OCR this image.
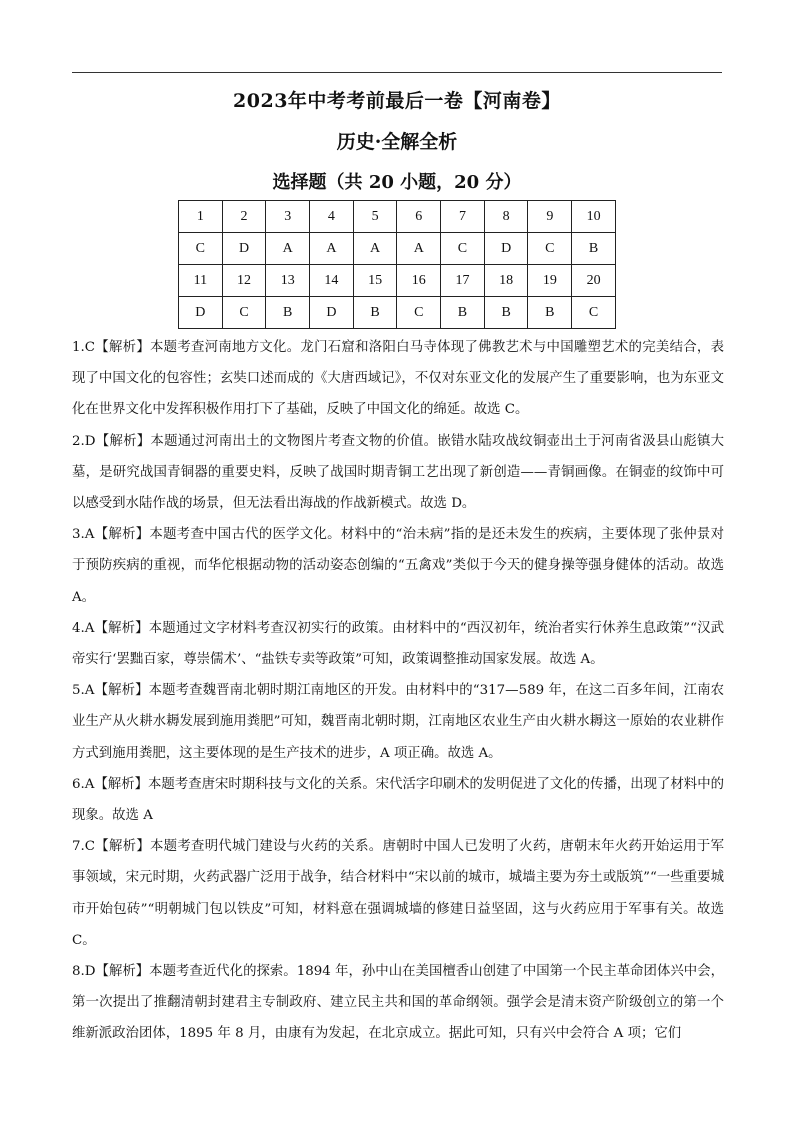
2023年中考考前最后一卷【河南卷】
历史·全解全析
选择题（共 20 小题，20 分）
1	2	3	4	5	6	7	8	9	10
C	D	A	A	A	A	C	D	C	B
11	12	13	14	15	16	17	18	19	20
D	C	B	D	B	C	B	B	B	C

1.C【解析】本题考查河南地方文化。龙门石窟和洛阳白马寺体现了佛教艺术与中国雕塑艺术的完美结合，表现了中国文化的包容性；玄奘口述而成的《大唐西域记》，不仅对东亚文化的发展产生了重要影响，也为东亚文化在世界文化中发挥积极作用打下了基础，反映了中国文化的绵延。故选 C。

2.D【解析】本题通过河南出土的文物图片考查文物的价值。嵌错水陆攻战纹铜壶出土于河南省汲县山彪镇大墓，是研究战国青铜器的重要史料，反映了战国时期青铜工艺出现了新创造——青铜画像。在铜壶的纹饰中可以感受到水陆作战的场景，但无法看出海战的作战新模式。故选 D。

3.A【解析】本题考查中国古代的医学文化。材料中的“治未病”指的是还未发生的疾病，主要体现了张仲景对于预防疾病的重视，而华佗根据动物的活动姿态创编的“五禽戏”类似于今天的健身操等强身健体的活动。故选 A。

4.A【解析】本题通过文字材料考查汉初实行的政策。由材料中的“西汉初年，统治者实行休养生息政策”“汉武帝实行‘罢黜百家，尊崇儒术’、“盐铁专卖等政策”可知，政策调整推动国家发展。故选 A。

5.A【解析】本题考查魏晋南北朝时期江南地区的开发。由材料中的“317—589 年，在这二百多年间，江南农业生产从火耕水耨发展到施用粪肥”可知，魏晋南北朝时期，江南地区农业生产由火耕水耨这一原始的农业耕作方式到施用粪肥，这主要体现的是生产技术的进步，A 项正确。故选 A。

6.A【解析】本题考查唐宋时期科技与文化的关系。宋代活字印刷术的发明促进了文化的传播，出现了材料中的现象。故选 A

7.C【解析】本题考查明代城门建设与火药的关系。唐朝时中国人已发明了火药，唐朝末年火药开始运用于军事领域，宋元时期，火药武器广泛用于战争，结合材料中“宋以前的城市，城墙主要为夯土或版筑”“一些重要城市开始包砖”“明朝城门包以铁皮”可知，材料意在强调城墙的修建日益坚固，这与火药应用于军事有关。故选 C。

8.D【解析】本题考查近代化的探索。1894 年，孙中山在美国檀香山创建了中国第一个民主革命团体兴中会，第一次提出了推翻清朝封建君主专制政府、建立民主共和国的革命纲领。强学会是清末资产阶级创立的第一个维新派政治团体，1895 年 8 月，由康有为发起，在北京成立。据此可知，只有兴中会符合 A 项；它们
